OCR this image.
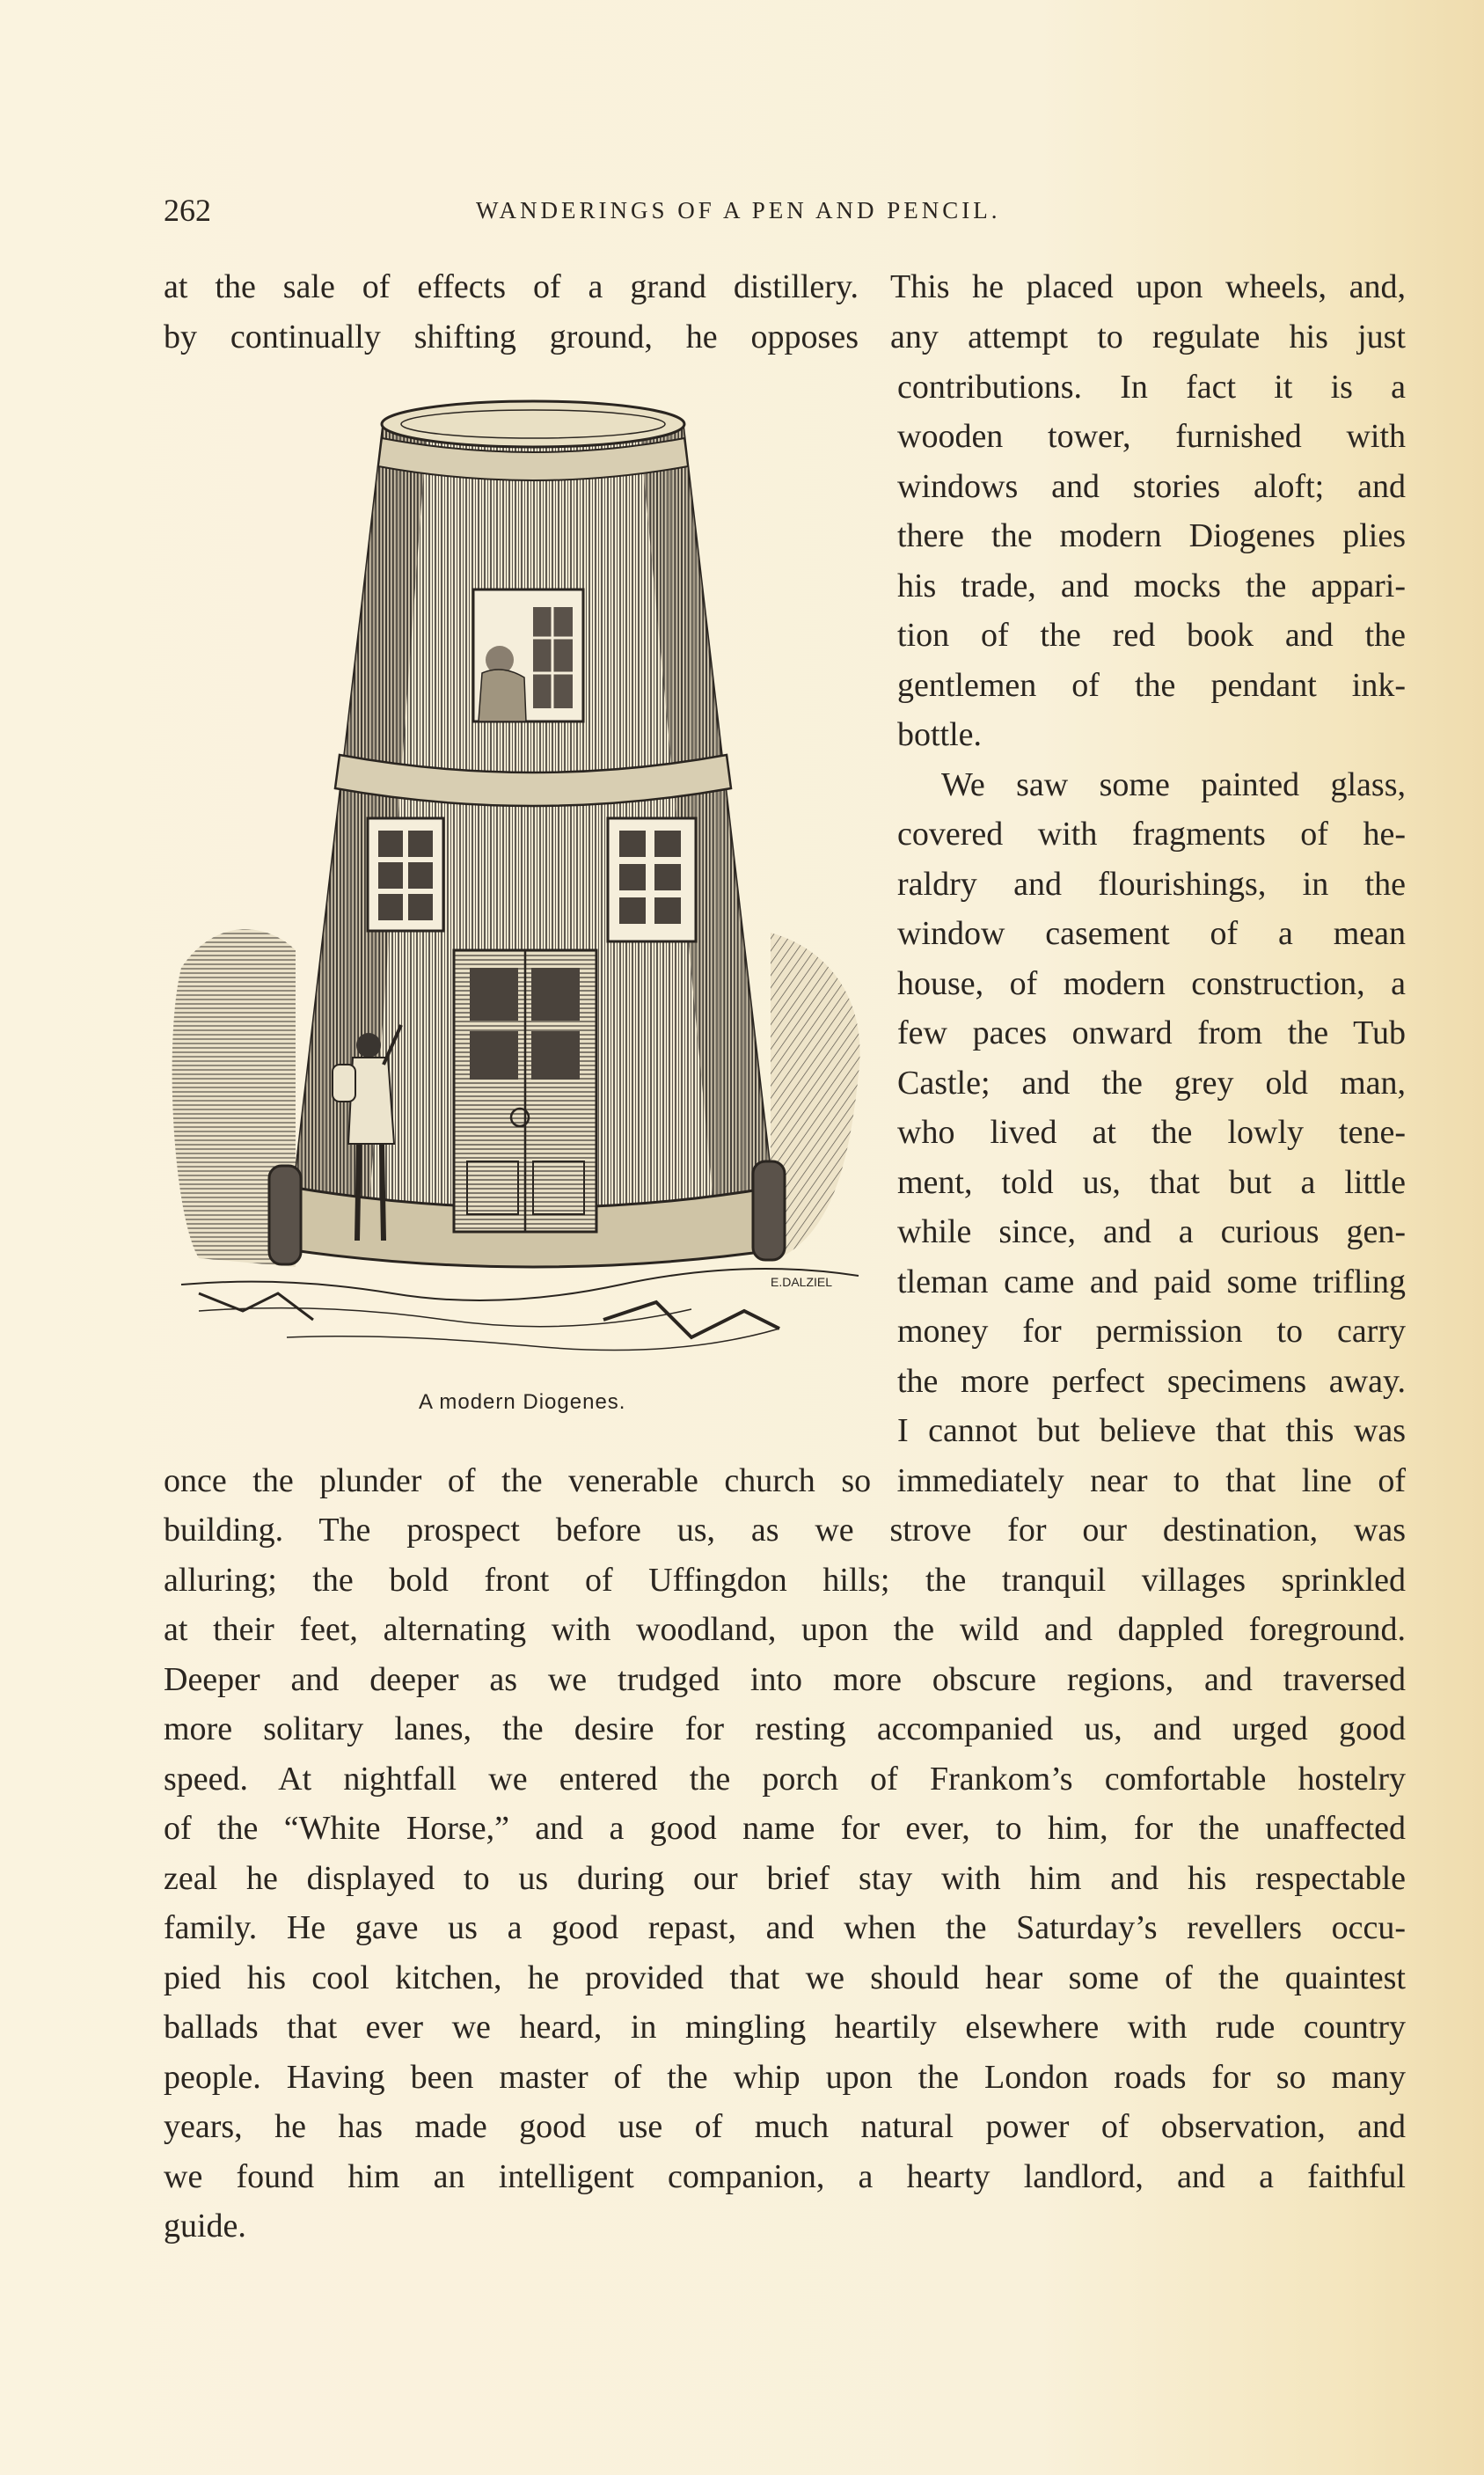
262	WANDERINGS OF A PEN AND PENCIL.
at the sale of effects of a grand distillery. This he placed upon wheels, and,
by continually shifting ground, he opposes any attempt to regulate his just
contributions. In fact it is a
wooden tower, furnished with
windows and stories aloft; and
there the modern Diogenes plies
his trade, and mocks the appari-
tion of the red book and the
gentlemen of the pendant ink-
bottle.
We saw some painted glass,
covered with fragments of he-
raldry and flourishings, in the
window casement of a mean
house, of modern construction, a
few paces onward from the Tub
Castle; and the grey old man,
who lived at the lowly tene-
ment, told us, that but a little
while since, and a curious gen-
tleman came and paid some trifling
money for permission to carry
the more perfect specimens away.
I cannot but believe that this was
once the plunder of the venerable church so immediately near to that line of
building. The prospect before us, as we strove for our destination, was
alluring; the bold front of Uffingdon hills; the tranquil villages sprinkled
at their feet, alternating with woodland, upon the wild and dappled foreground.
Deeper and deeper as we trudged into more obscure regions, and traversed
more solitary lanes, the desire for resting accompanied us, and urged good
speed. At nightfall we entered the porch of Frankom’s comfortable hostelry
of the “White Horse,” and a good name for ever, to him, for the unaffected
zeal he displayed to us during our brief stay with him and his respectable
family. He gave us a good repast, and when the Saturday’s revellers occu-
pied his cool kitchen, he provided that we should hear some of the quaintest
ballads that ever we heard, in mingling heartily elsewhere with rude country
people. Having been master of the whip upon the London roads for so many
years, he has made good use of much natural power of observation, and
we found him an intelligent companion, a hearty landlord, and a faithful
guide.
E.DALZIEL
A modern Diogenes.
